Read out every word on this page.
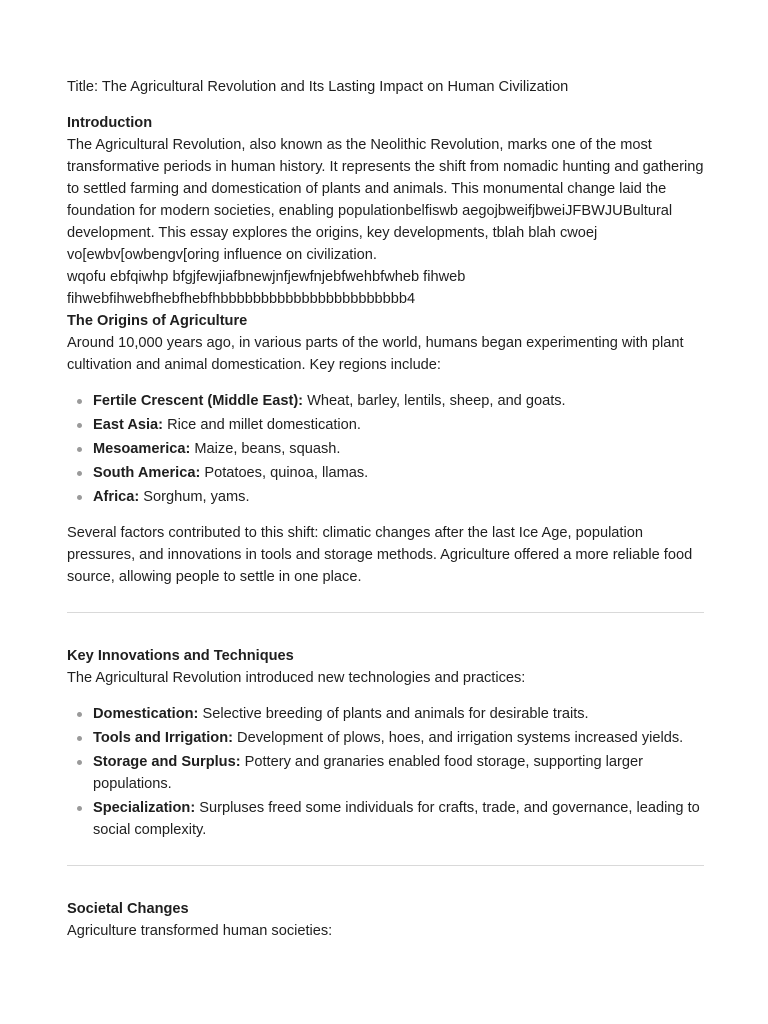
Title: The Agricultural Revolution and Its Lasting Impact on Human Civilization

Introduction

The Agricultural Revolution, also known as the Neolithic Revolution, marks one of the most transformative periods in human history. It represents the shift from nomadic hunting and gathering to settled farming and domestication of plants and animals. This monumental change laid the foundation for modern societies, enabling populationbelfiswb aegojbweifjbweiJFBWJUBultural development. This essay explores the origins, key developments, tblah blah cwoej vo[ewbv[owbengv[oring influence on civilization.

wqofu ebfqiwhp bfgjfewjiafbnewjnfjewfnjebfwehbfwheb fihweb

fihwebfihwebfhebfhebfhbbbbbbbbbbbbbbbbbbbbbbb4

The Origins of Agriculture

Around 10,000 years ago, in various parts of the world, humans began experimenting with plant cultivation and animal domestication. Key regions include:

Fertile Crescent (Middle East): Wheat, barley, lentils, sheep, and goats.
East Asia: Rice and millet domestication.
Mesoamerica: Maize, beans, squash.
South America: Potatoes, quinoa, llamas.
Africa: Sorghum, yams.

Several factors contributed to this shift: climatic changes after the last Ice Age, population pressures, and innovations in tools and storage methods. Agriculture offered a more reliable food source, allowing people to settle in one place.

Key Innovations and Techniques

The Agricultural Revolution introduced new technologies and practices:

Domestication: Selective breeding of plants and animals for desirable traits.
Tools and Irrigation: Development of plows, hoes, and irrigation systems increased yields.
Storage and Surplus: Pottery and granaries enabled food storage, supporting larger populations.
Specialization: Surpluses freed some individuals for crafts, trade, and governance, leading to social complexity.
Societal Changes

Agriculture transformed human societies:
